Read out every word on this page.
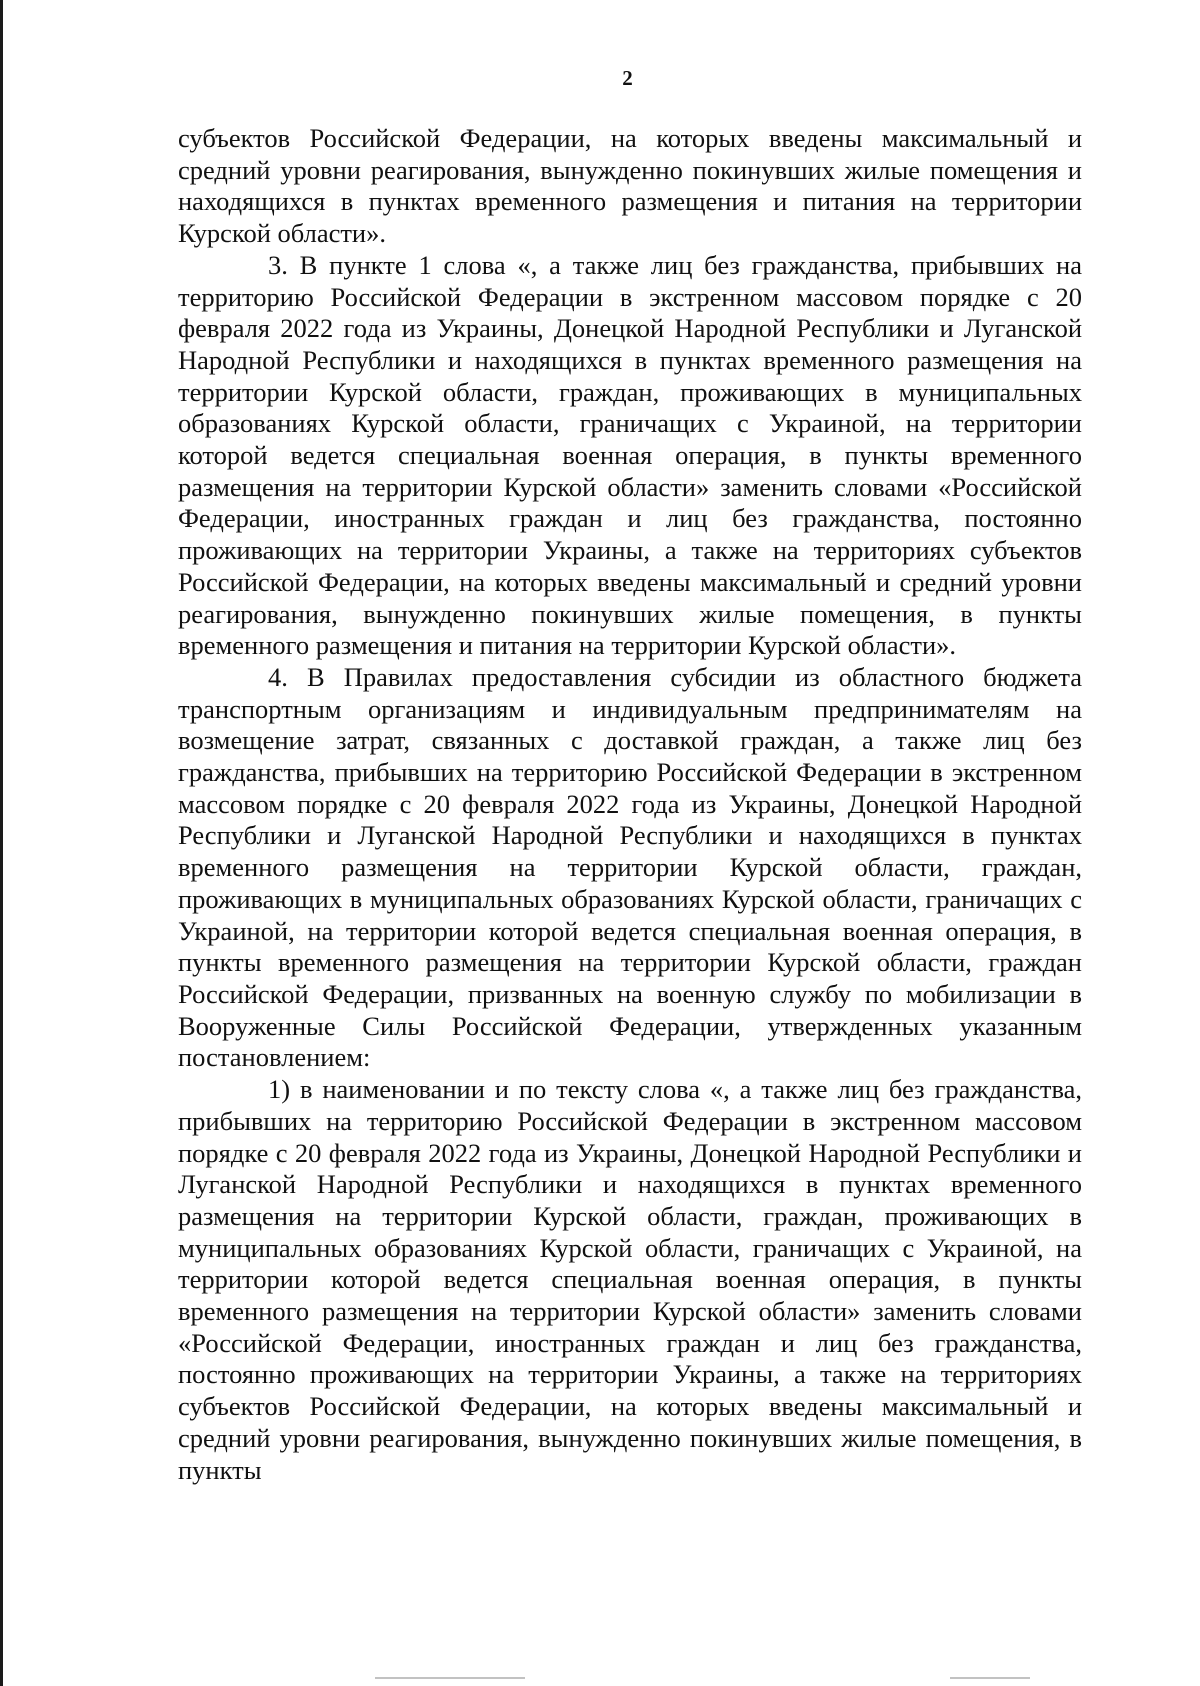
2

субъектов Российской Федерации, на которых введены максимальный и средний уровни реагирования, вынужденно покинувших жилые помещения и находящихся в пунктах временного размещения и питания на территории Курской области».

3. В пункте 1 слова «, а также лиц без гражданства, прибывших на территорию Российской Федерации в экстренном массовом порядке с 20 февраля 2022 года из Украины, Донецкой Народной Республики и Луганской Народной Республики и находящихся в пунктах временного размещения на территории Курской области, граждан, проживающих в муниципальных образованиях Курской области, граничащих с Украиной, на территории которой ведется специальная военная операция, в пункты временного размещения на территории Курской области» заменить словами «Российской Федерации, иностранных граждан и лиц без гражданства, постоянно проживающих на территории Украины, а также на территориях субъектов Российской Федерации, на которых введены максимальный и средний уровни реагирования, вынужденно покинувших жилые помещения, в пункты временного размещения и питания на территории Курской области».

4. В Правилах предоставления субсидии из областного бюджета транспортным организациям и индивидуальным предпринимателям на возмещение затрат, связанных с доставкой граждан, а также лиц без гражданства, прибывших на территорию Российской Федерации в экстренном массовом порядке с 20 февраля 2022 года из Украины, Донецкой Народной Республики и Луганской Народной Республики и находящихся в пунктах временного размещения на территории Курской области, граждан, проживающих в муниципальных образованиях Курской области, граничащих с Украиной, на территории которой ведется специальная военная операция, в пункты временного размещения на территории Курской области, граждан Российской Федерации, призванных на военную службу по мобилизации в Вооруженные Силы Российской Федерации, утвержденных указанным постановлением:

1) в наименовании и по тексту слова «, а также лиц без гражданства, прибывших на территорию Российской Федерации в экстренном массовом порядке с 20 февраля 2022 года из Украины, Донецкой Народной Республики и Луганской Народной Республики и находящихся в пунктах временного размещения на территории Курской области, граждан, проживающих в муниципальных образованиях Курской области, граничащих с Украиной, на территории которой ведется специальная военная операция, в пункты временного размещения на территории Курской области» заменить словами «Российской Федерации, иностранных граждан и лиц без гражданства, постоянно проживающих на территории Украины, а также на территориях субъектов Российской Федерации, на которых введены максимальный и средний уровни реагирования, вынужденно покинувших жилые помещения, в пункты
